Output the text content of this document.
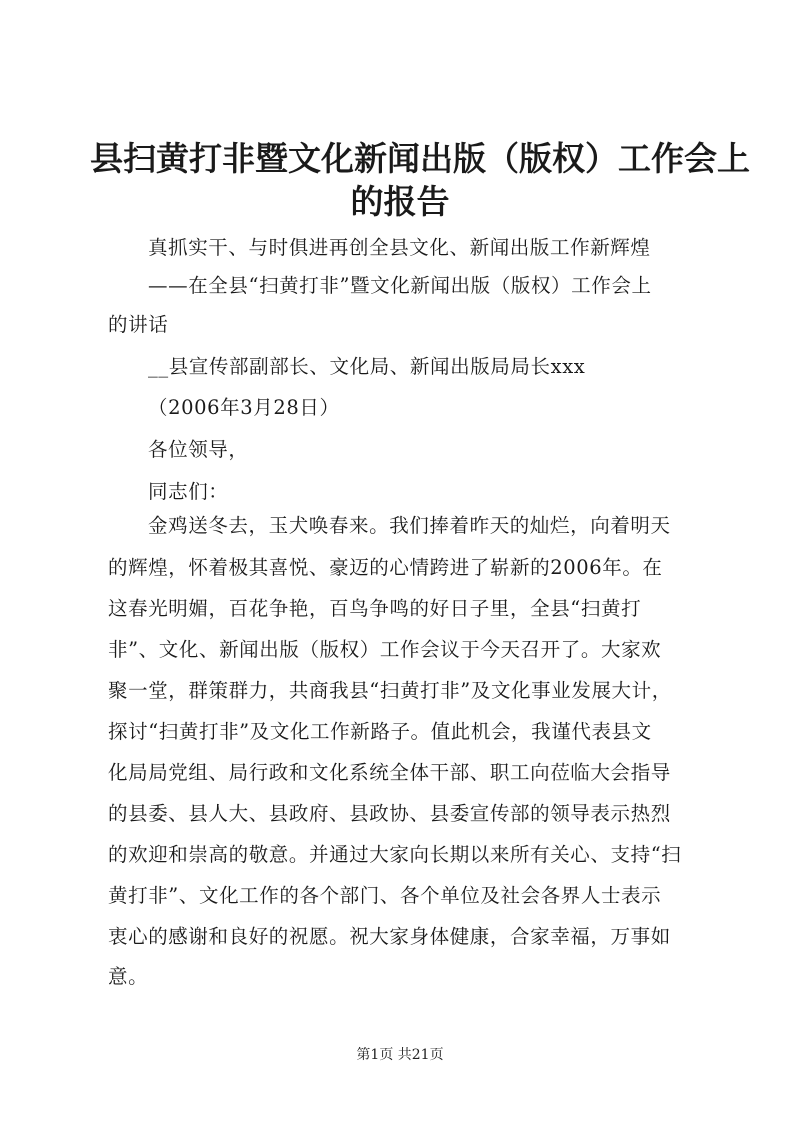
县扫黄打非暨文化新闻出版（版权）工作会上
的报告
真抓实干、与时俱进再创全县文化、新闻出版工作新辉煌
——在全县“扫黄打非”暨文化新闻出版（版权）工作会上
的讲话
__县宣传部副部长、文化局、新闻出版局局长xxx
（2006年3月28日）
各位领导，
同志们：
金鸡送冬去，玉犬唤春来。我们捧着昨天的灿烂，向着明天
的辉煌，怀着极其喜悦、豪迈的心情跨进了崭新的2006年。在
这春光明媚，百花争艳，百鸟争鸣的好日子里，全县“扫黄打
非”、文化、新闻出版（版权）工作会议于今天召开了。大家欢
聚一堂，群策群力，共商我县“扫黄打非”及文化事业发展大计，
探讨“扫黄打非”及文化工作新路子。值此机会，我谨代表县文
化局局党组、局行政和文化系统全体干部、职工向莅临大会指导
的县委、县人大、县政府、县政协、县委宣传部的领导表示热烈
的欢迎和崇高的敬意。并通过大家向长期以来所有关心、支持“扫
黄打非”、文化工作的各个部门、各个单位及社会各界人士表示
衷心的感谢和良好的祝愿。祝大家身体健康，合家幸福，万事如
意。
第1页 共21页
